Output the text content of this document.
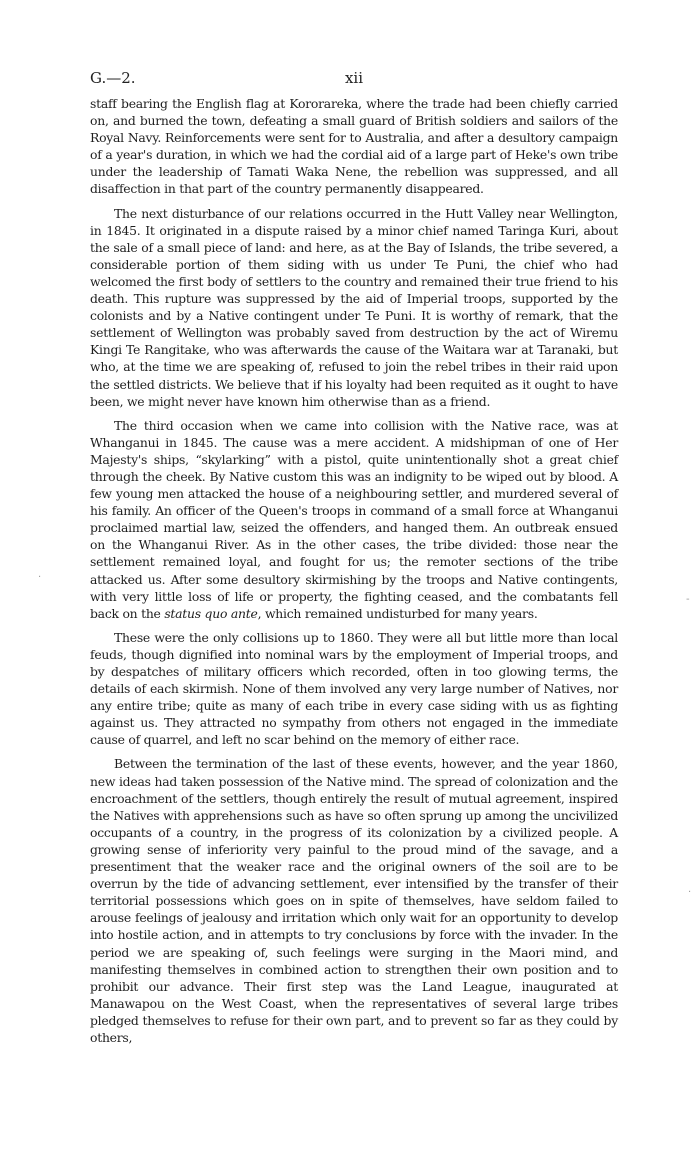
G.—2.	xii

staff bearing the English flag at Kororareka, where the trade had been chiefly carried on, and burned the town, defeating a small guard of British soldiers and sailors of the Royal Navy. Reinforcements were sent for to Australia, and after a desultory campaign of a year's duration, in which we had the cordial aid of a large part of Heke's own tribe under the leadership of Tamati Waka Nene, the rebellion was suppressed, and all disaffection in that part of the country permanently disappeared.

The next disturbance of our relations occurred in the Hutt Valley near Wellington, in 1845. It originated in a dispute raised by a minor chief named Taringa Kuri, about the sale of a small piece of land: and here, as at the Bay of Islands, the tribe severed, a considerable portion of them siding with us under Te Puni, the chief who had welcomed the first body of settlers to the country and remained their true friend to his death. This rupture was suppressed by the aid of Imperial troops, supported by the colonists and by a Native contingent under Te Puni. It is worthy of remark, that the settlement of Wellington was probably saved from destruction by the act of Wiremu Kingi Te Rangitake, who was afterwards the cause of the Waitara war at Taranaki, but who, at the time we are speaking of, refused to join the rebel tribes in their raid upon the settled districts. We believe that if his loyalty had been requited as it ought to have been, we might never have known him otherwise than as a friend.

The third occasion when we came into collision with the Native race, was at Whanganui in 1845. The cause was a mere accident. A midshipman of one of Her Majesty's ships, “skylarking” with a pistol, quite unintentionally shot a great chief through the cheek. By Native custom this was an indignity to be wiped out by blood. A few young men attacked the house of a neighbouring settler, and murdered several of his family. An officer of the Queen's troops in command of a small force at Whanganui proclaimed martial law, seized the offenders, and hanged them. An outbreak ensued on the Whanganui River. As in the other cases, the tribe divided: those near the settlement remained loyal, and fought for us; the remoter sections of the tribe attacked us. After some desultory skirmishing by the troops and Native contingents, with very little loss of life or property, the fighting ceased, and the combatants fell back on the status quo ante, which remained undisturbed for many years.

These were the only collisions up to 1860. They were all but little more than local feuds, though dignified into nominal wars by the employment of Imperial troops, and by despatches of military officers which recorded, often in too glowing terms, the details of each skirmish. None of them involved any very large number of Natives, nor any entire tribe; quite as many of each tribe in every case siding with us as fighting against us. They attracted no sympathy from others not engaged in the immediate cause of quarrel, and left no scar behind on the memory of either race.

Between the termination of the last of these events, however, and the year 1860, new ideas had taken possession of the Native mind. The spread of colonization and the encroachment of the settlers, though entirely the result of mutual agreement, inspired the Natives with apprehensions such as have so often sprung up among the uncivilized occupants of a country, in the progress of its colonization by a civilized people. A growing sense of inferiority very painful to the proud mind of the savage, and a presentiment that the weaker race and the original owners of the soil are to be overrun by the tide of advancing settlement, ever intensified by the transfer of their territorial possessions which goes on in spite of themselves, have seldom failed to arouse feelings of jealousy and irritation which only wait for an opportunity to develop into hostile action, and in attempts to try conclusions by force with the invader. In the period we are speaking of, such feelings were surging in the Maori mind, and manifesting themselves in combined action to strengthen their own position and to prohibit our advance. Their first step was the Land League, inaugurated at Manawapou on the West Coast, when the representatives of several large tribes pledged themselves to refuse for their own part, and to prevent so far as they could by others,

·
-
·
